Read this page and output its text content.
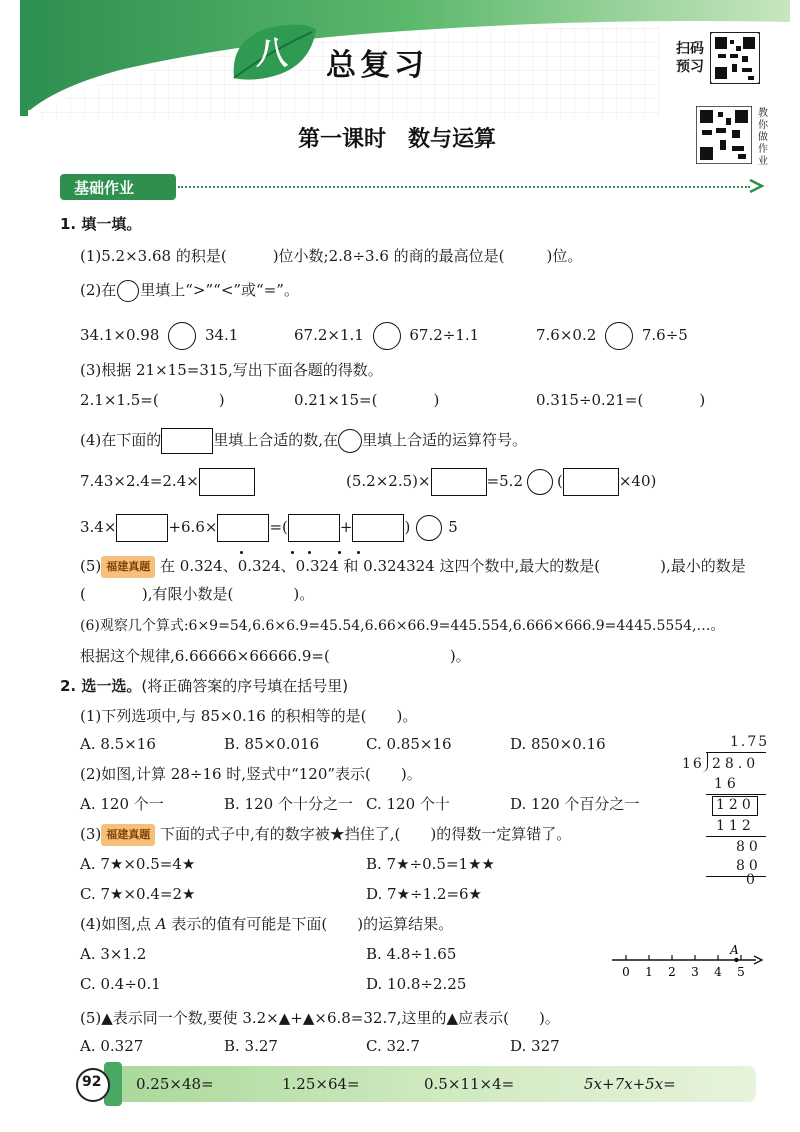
八 总复习	扫码
预习
第一课时　数与运算
教你做作业
基础作业
1. 填一填。
(1)5.2×3.68 的积是(	)位小数;2.8÷3.6 的商的最高位是(	)位。
(2)在 里填上“>”“<”或“=”。
34.1×0.98	34.1	67.2×1.1	67.2÷1.1	7.6×0.2	7.6÷5
(3)根据 21×15=315,写出下面各题的得数。
2.1×1.5=(	)	0.21×15=(	)	0.315÷0.21=(	)
(4)在下面的	里填上合适的数,在 里填上合适的运算符号。
7.43×2.4=2.4×	(5.2×2.5)×	=5.2 (	×40)
3.4×	+6.6×	=(	+	)	5
(5) 福建真题 在 0.324、0.324、0.324 和 0.324324 这四个数中,最大的数是(	),最小的数是
(	),有限小数是(	)。
(6)观察几个算式:6×9=54,6.6×6.9=45.54,6.66×66.9=445.554,6.666×666.9=4445.5554,…。
根据这个规律,6.66666×66666.9=(	)。
2. 选一选。(将正确答案的序号填在括号里)
(1)下列选项中,与 85×0.16 的积相等的是( )。
A. 8.5×16	B. 85×0.016	C. 0.85×16	D. 850×0.16
(2)如图,计算 28÷16 时,竖式中“120”表示( )。
A. 120 个一	B. 120 个十分之一 C. 120 个十	D. 120 个百分之一
(3) 福建真题 下面的式子中,有的数字被★挡住了,( )的得数一定算错了。
A. 7★×0.5=4★	B. 7★÷0.5=1★★
C. 7★×0.4=2★	D. 7★÷1.2=6★
(4)如图,点 A 表示的值有可能是下面( )的运算结果。
A. 3×1.2	B. 4.8÷1.65
C. 0.4÷0.1	D. 10.8÷2.25
(5)▲表示同一个数,要使 3.2×▲+▲×6.8=32.7,这里的▲应表示( )。
A. 0.327	B. 3.27	C. 32.7	D. 327
1.75
16 28.0
16
120
112
80
80
0
0 1 2 3 4 5
A
92 0.25×48=	1.25×64=	0.5×11×4=	5x+7x+5x=
